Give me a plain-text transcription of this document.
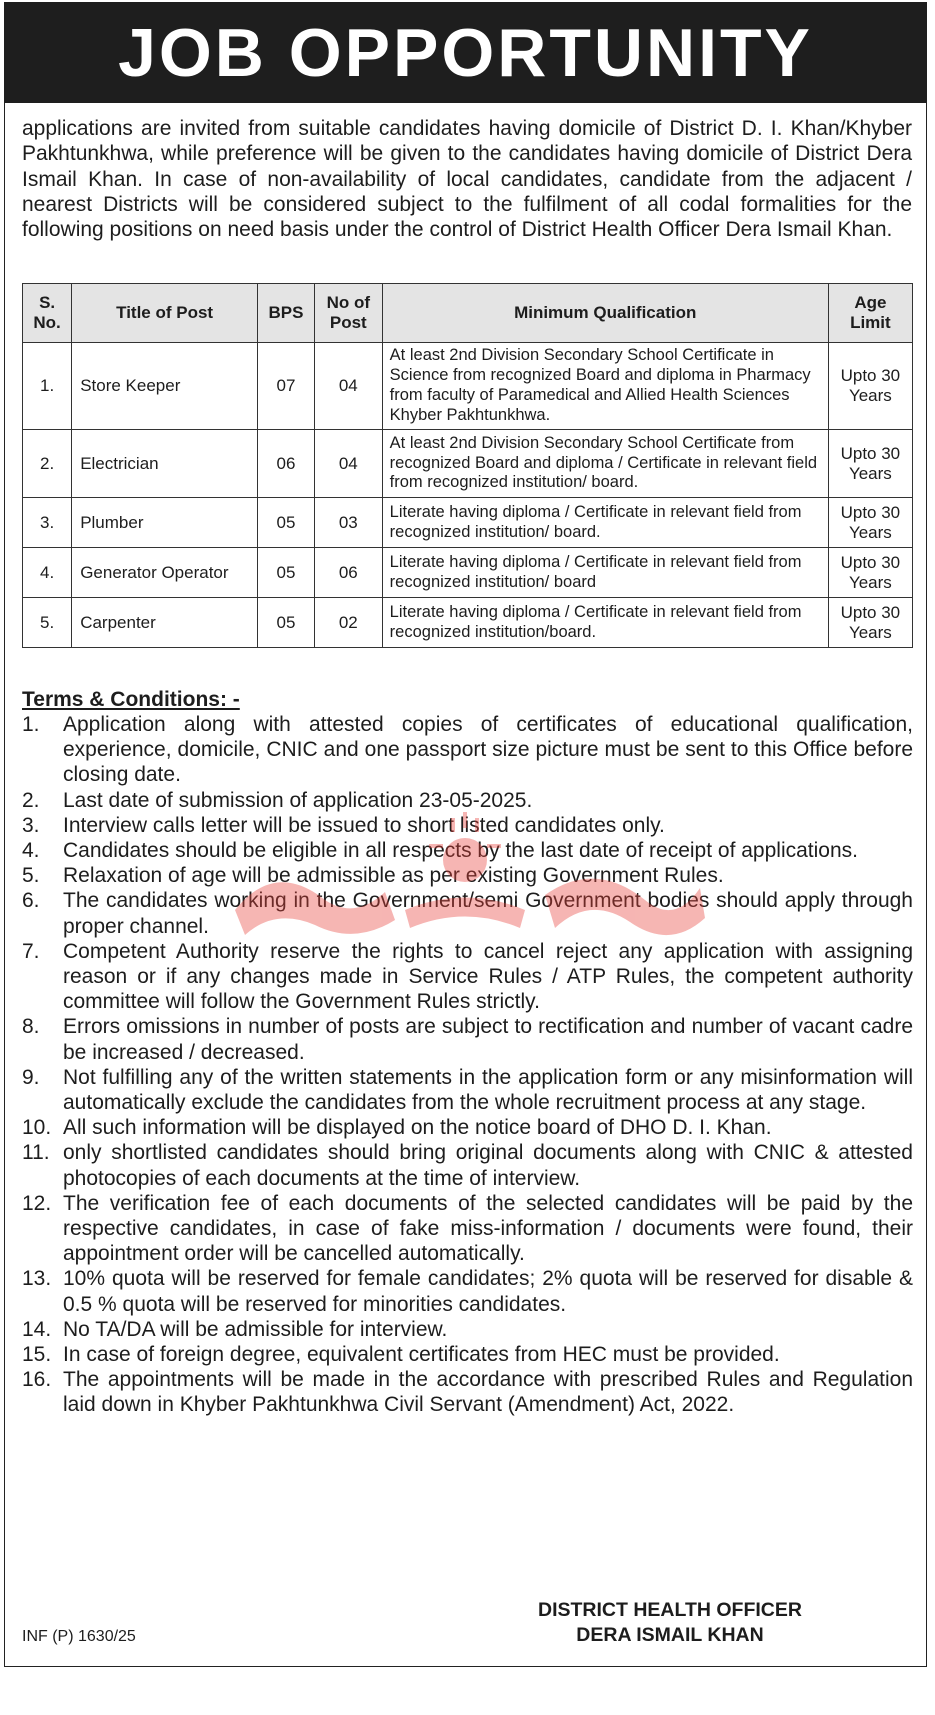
JOB OPPORTUNITY
applications are invited from suitable candidates having domicile of District D. I. Khan/Khyber Pakhtunkhwa, while preference will be given to the candidates having domicile of District Dera Ismail Khan. In case of non-availability of local candidates, candidate from the adjacent / nearest Districts will be considered subject to the fulfilment of all codal formalities for the following positions on need basis under the control of District Health Officer Dera Ismail Khan.
S. No.	Title of Post	BPS	No of Post	Minimum Qualification	Age Limit
1.	Store Keeper	07	04	At least 2nd Division Secondary School Certificate in Science from recognized Board and diploma in Pharmacy from faculty of Paramedical and Allied Health Sciences Khyber Pakhtunkhwa.	Upto 30 Years
2.	Electrician	06	04	At least 2nd Division Secondary School Certificate from recognized Board and diploma / Certificate in relevant field from recognized institution/ board.	Upto 30 Years
3.	Plumber	05	03	Literate having diploma / Certificate in relevant field from recognized institution/ board.	Upto 30 Years
4.	Generator Operator	05	06	Literate having diploma / Certificate in relevant field from recognized institution/ board	Upto 30 Years
5.	Carpenter	05	02	Literate having diploma / Certificate in relevant field from recognized institution/board.	Upto 30 Years
Terms & Conditions: -
1. Application along with attested copies of certificates of educational qualification, experience, domicile, CNIC and one passport size picture must be sent to this Office before closing date.
2. Last date of submission of application 23-05-2025.
3. Interview calls letter will be issued to short listed candidates only.
4. Candidates should be eligible in all respects by the last date of receipt of applications.
5. Relaxation of age will be admissible as per existing Government Rules.
6. The candidates working in the Government/semi Government bodies should apply through proper channel.
7. Competent Authority reserve the rights to cancel reject any application with assigning reason or if any changes made in Service Rules / ATP Rules, the competent authority committee will follow the Government Rules strictly.
8. Errors omissions in number of posts are subject to rectification and number of vacant cadre be increased / decreased.
9. Not fulfilling any of the written statements in the application form or any misinformation will automatically exclude the candidates from the whole recruitment process at any stage.
10. All such information will be displayed on the notice board of DHO D. I. Khan.
11. only shortlisted candidates should bring original documents along with CNIC & attested photocopies of each documents at the time of interview.
12. The verification fee of each documents of the selected candidates will be paid by the respective candidates, in case of fake miss-information / documents were found, their appointment order will be cancelled automatically.
13. 10% quota will be reserved for female candidates; 2% quota will be reserved for disable & 0.5 % quota will be reserved for minorities candidates.
14. No TA/DA will be admissible for interview.
15. In case of foreign degree, equivalent certificates from HEC must be provided.
16. The appointments will be made in the accordance with prescribed Rules and Regulation laid down in Khyber Pakhtunkhwa Civil Servant (Amendment) Act, 2022.
INF (P) 1630/25
DISTRICT HEALTH OFFICER
DERA ISMAIL KHAN
